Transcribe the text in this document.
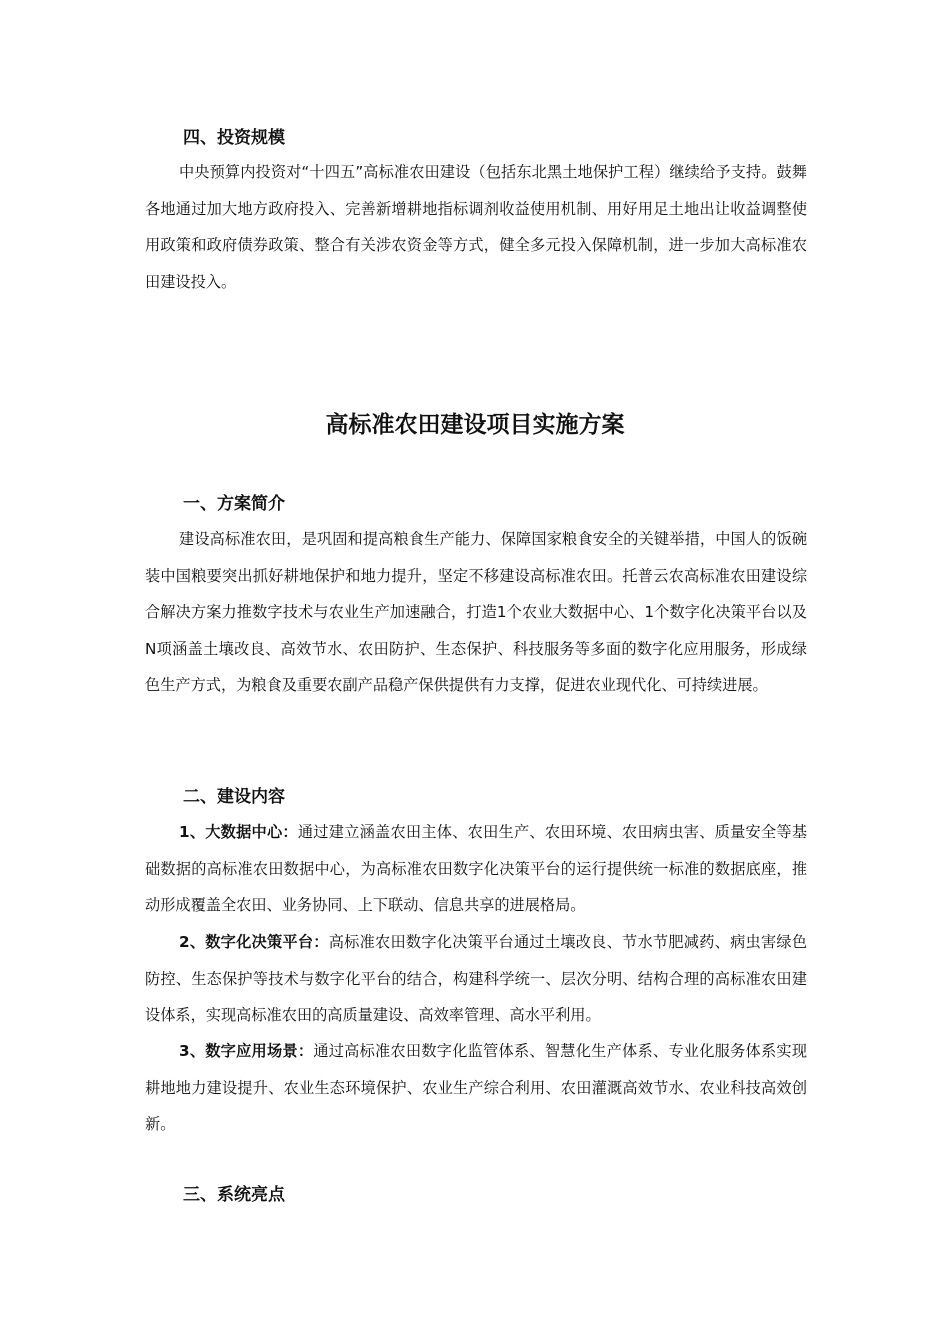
四、投资规模
中央预算内投资对“十四五”高标准农田建设（包括东北黑土地保护工程）继续给予支持。鼓舞各地通过加大地方政府投入、完善新增耕地指标调剂收益使用机制、用好用足土地出让收益调整使用政策和政府债券政策、整合有关涉农资金等方式，健全多元投入保障机制，进一步加大高标准农田建设投入。
高标准农田建设项目实施方案
一、方案简介
建设高标准农田，是巩固和提高粮食生产能力、保障国家粮食安全的关键举措，中国人的饭碗装中国粮要突出抓好耕地保护和地力提升，坚定不移建设高标准农田。托普云农高标准农田建设综合解决方案力推数字技术与农业生产加速融合，打造1个农业大数据中心、1个数字化决策平台以及N项涵盖土壤改良、高效节水、农田防护、生态保护、科技服务等多面的数字化应用服务，形成绿色生产方式，为粮食及重要农副产品稳产保供提供有力支撑，促进农业现代化、可持续进展。
二、建设内容
1、大数据中心：通过建立涵盖农田主体、农田生产、农田环境、农田病虫害、质量安全等基础数据的高标准农田数据中心，为高标准农田数字化决策平台的运行提供统一标准的数据底座，推动形成覆盖全农田、业务协同、上下联动、信息共享的进展格局。
2、数字化决策平台：高标准农田数字化决策平台通过土壤改良、节水节肥减药、病虫害绿色防控、生态保护等技术与数字化平台的结合，构建科学统一、层次分明、结构合理的高标准农田建设体系，实现高标准农田的高质量建设、高效率管理、高水平利用。
3、数字应用场景：通过高标准农田数字化监管体系、智慧化生产体系、专业化服务体系实现耕地地力建设提升、农业生态环境保护、农业生产综合利用、农田灌溉高效节水、农业科技高效创新。
三、系统亮点
